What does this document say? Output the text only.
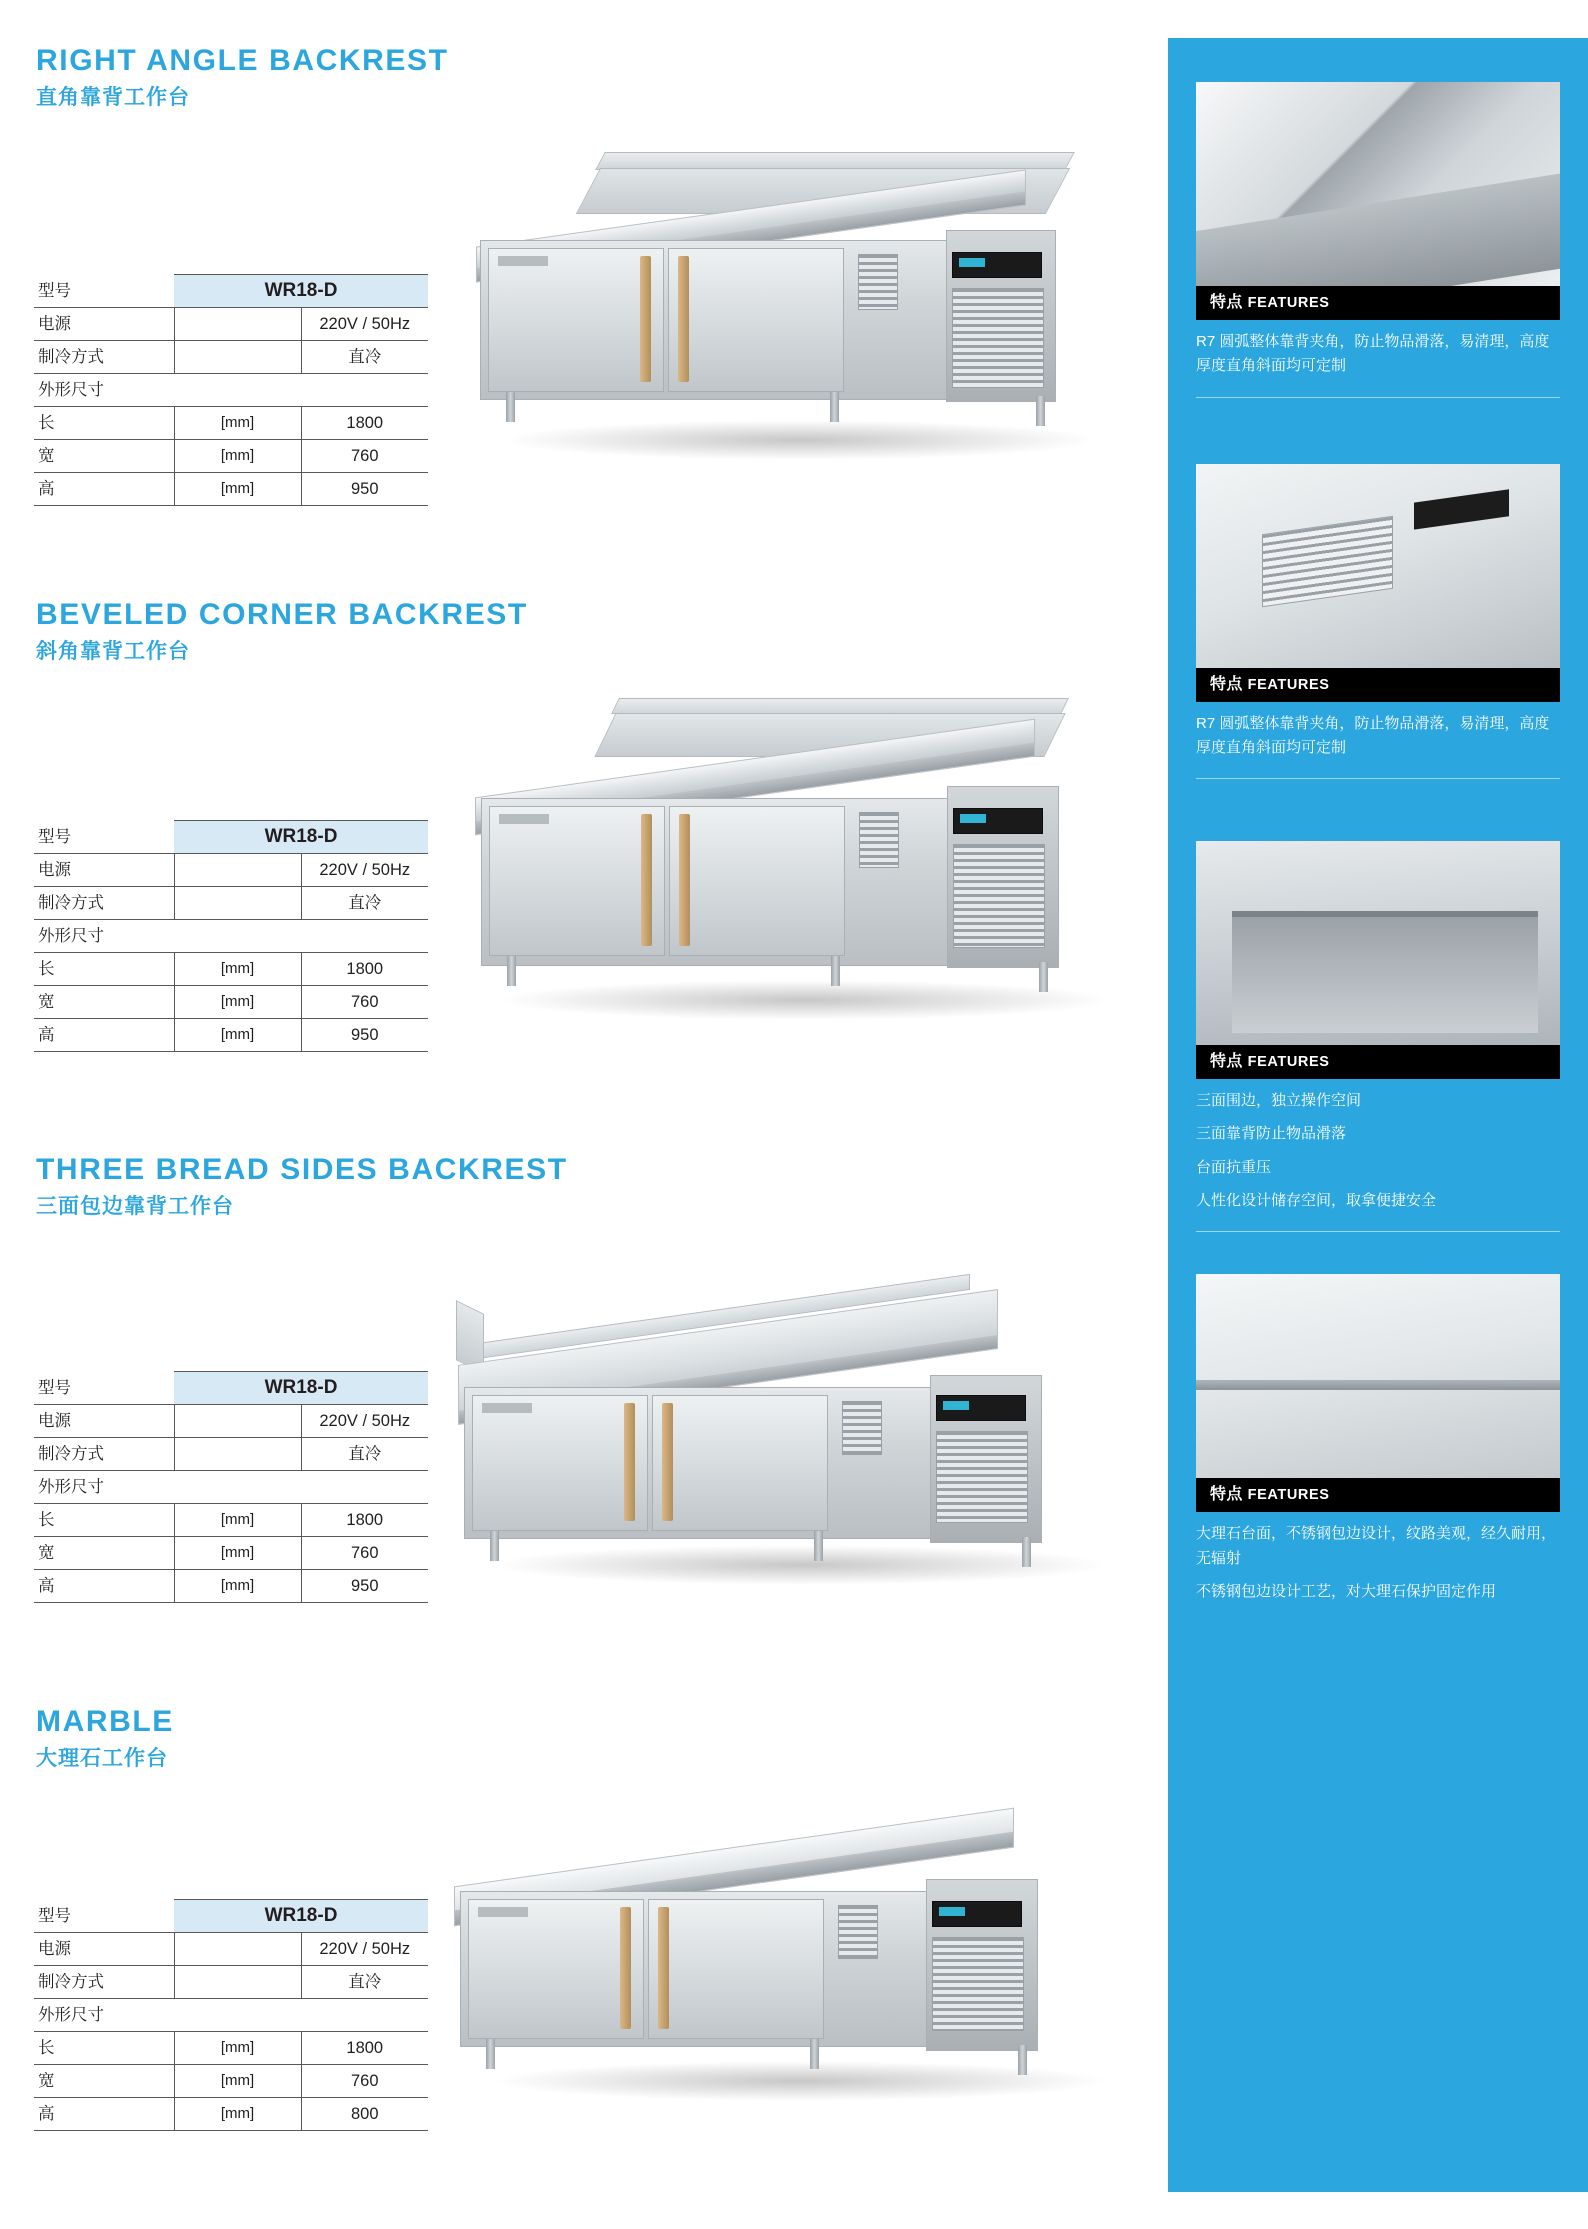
RIGHT ANGLE BACKREST
直角靠背工作台
型号	WR18-D	
电源		220V / 50Hz
制冷方式		直冷
外形尺寸		
长	[mm]	1800
宽	[mm]	760
高	[mm]	950
BEVELED CORNER BACKREST
斜角靠背工作台
型号	WR18-D	
电源		220V / 50Hz
制冷方式		直冷
外形尺寸		
长	[mm]	1800
宽	[mm]	760
高	[mm]	950
THREE BREAD SIDES BACKREST
三面包边靠背工作台
型号	WR18-D	
电源		220V / 50Hz
制冷方式		直冷
外形尺寸		
长	[mm]	1800
宽	[mm]	760
高	[mm]	950
MARBLE
大理石工作台
型号	WR18-D	
电源		220V / 50Hz
制冷方式		直冷
外形尺寸		
长	[mm]	1800
宽	[mm]	760
高	[mm]	800
特点 FEATURES

R7 圆弧整体靠背夹角，防止物品滑落，易清理，高度厚度直角斜面均可定制

特点 FEATURES

R7 圆弧整体靠背夹角，防止物品滑落，易清理，高度厚度直角斜面均可定制

特点 FEATURES

三面围边，独立操作空间

三面靠背防止物品滑落

台面抗重压

人性化设计储存空间，取拿便捷安全

特点 FEATURES

大理石台面，不锈钢包边设计，纹路美观，经久耐用，无辐射

不锈钢包边设计工艺，对大理石保护固定作用
